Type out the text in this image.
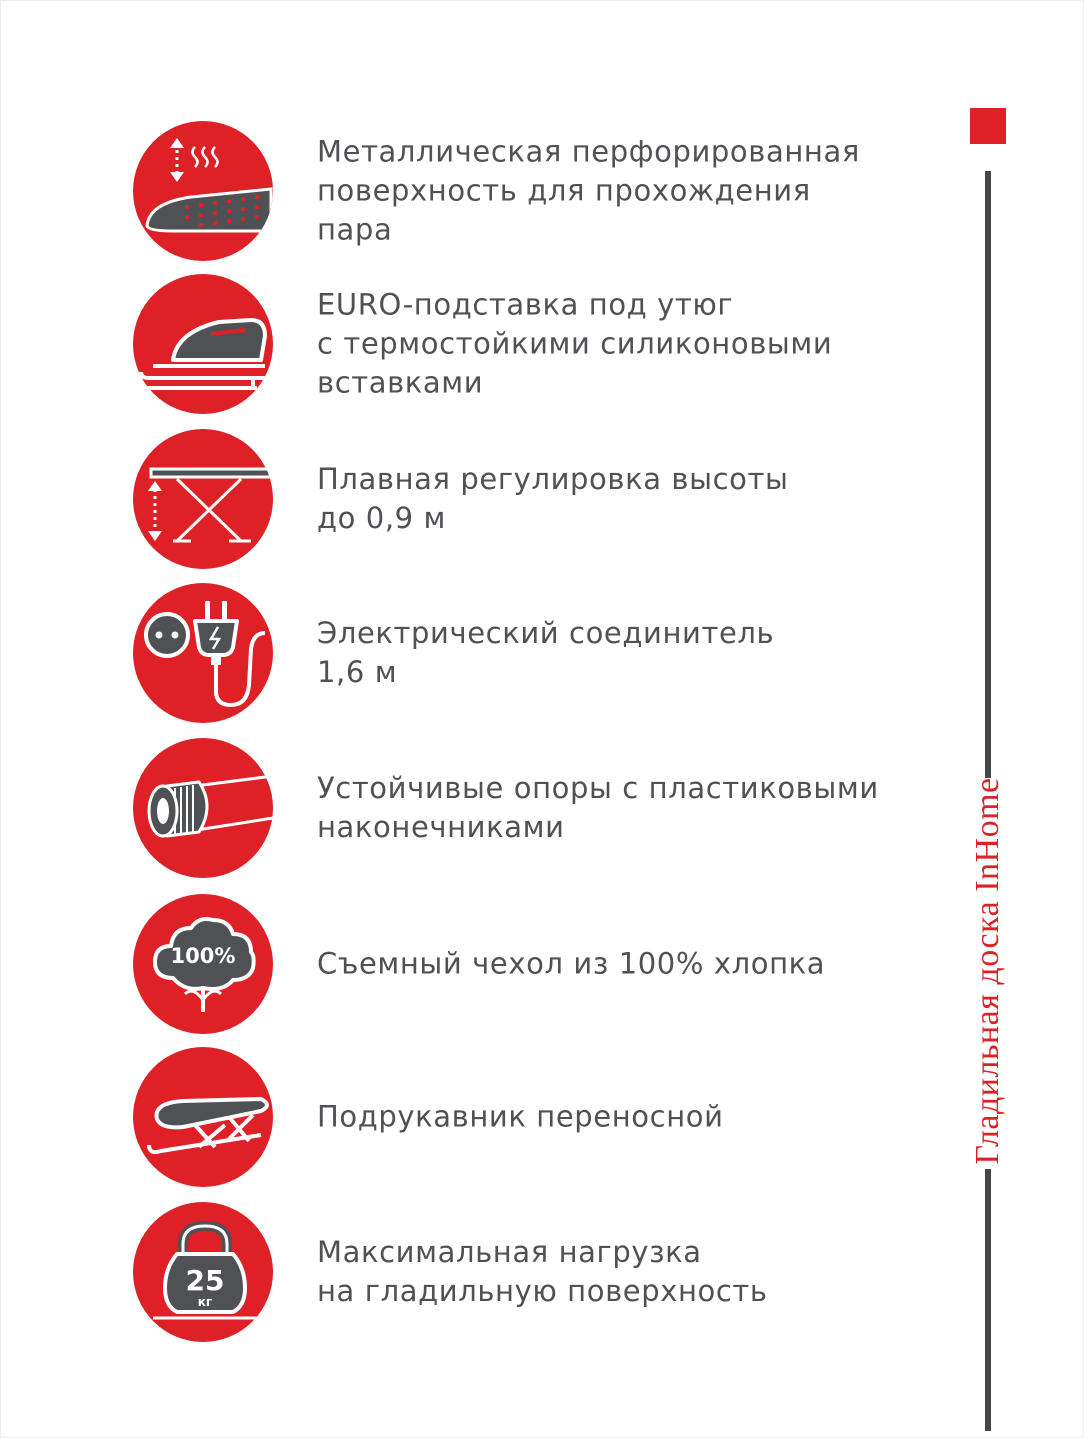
Металлическая перфорированная
поверхность для прохождения
пара
EURO-подставка под утюг
с термостойкими силиконовыми
вставками
Плавная регулировка высоты
до 0,9 м
Электрический соединитель
1,6 м
Устойчивые опоры с пластиковыми
наконечниками
100%	Съемный чехол из 100% хлопка
Подрукавник переносной
25
кг
Максимальная нагрузка
на гладильную поверхность
Гладильная доска InHome
